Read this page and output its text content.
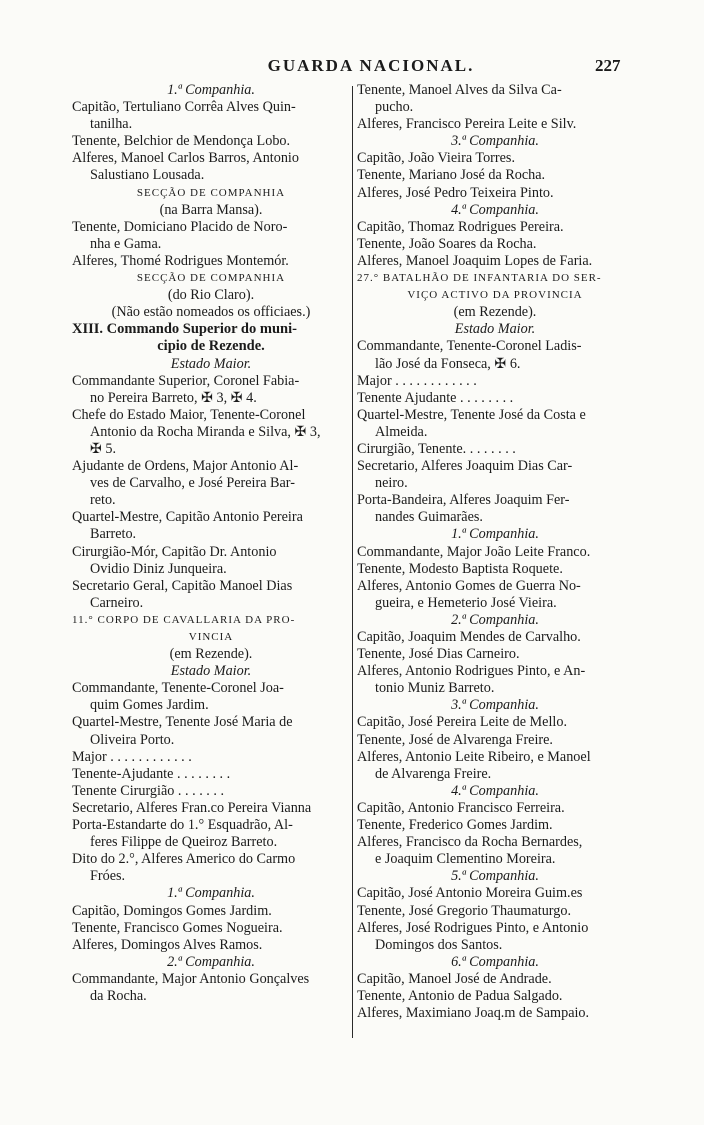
GUARDA NACIONAL.	227
1.ª Companhia.
Capitão, Tertuliano Corrêa Alves Quin-
tanilha.
Tenente, Belchior de Mendonça Lobo.
Alferes, Manoel Carlos Barros, Antonio
Salustiano Lousada.
SECÇÃO DE COMPANHIA
(na Barra Mansa).
Tenente, Domiciano Placido de Noro-
nha e Gama.
Alferes, Thomé Rodrigues Montemór.
SECÇÃO DE COMPANHIA
(do Rio Claro).
(Não estão nomeados os officiaes.)
XIII. Commando Superior do muni-
cipio de Rezende.
Estado Maior.
Commandante Superior, Coronel Fabia-
no Pereira Barreto, ✠ 3, ✠ 4.
Chefe do Estado Maior, Tenente-Coronel
Antonio da Rocha Miranda e Silva, ✠ 3,
✠ 5.
Ajudante de Ordens, Major Antonio Al-
ves de Carvalho, e José Pereira Bar-
reto.
Quartel-Mestre, Capitão Antonio Pereira
Barreto.
Cirurgião-Mór, Capitão Dr. Antonio
Ovidio Diniz Junqueira.
Secretario Geral, Capitão Manoel Dias
Carneiro.
11.° CORPO DE CAVALLARIA DA PRO-
VINCIA
(em Rezende).
Estado Maior.
Commandante, Tenente-Coronel Joa-
quim Gomes Jardim.
Quartel-Mestre, Tenente José Maria de
Oliveira Porto.
Major . . . . . . . . . . . .
Tenente-Ajudante . . . . . . . .
Tenente Cirurgião . . . . . . .
Secretario, Alferes Fran.co Pereira Vianna
Porta-Estandarte do 1.° Esquadrão, Al-
feres Filippe de Queiroz Barreto.
Dito do 2.°, Alferes Americo do Carmo
Fróes.
1.ª Companhia.
Capitão, Domingos Gomes Jardim.
Tenente, Francisco Gomes Nogueira.
Alferes, Domingos Alves Ramos.
2.ª Companhia.
Commandante, Major Antonio Gonçalves
da Rocha.
Tenente, Manoel Alves da Silva Ca-
pucho.
Alferes, Francisco Pereira Leite e Silv.
3.ª Companhia.
Capitão, João Vieira Torres.
Tenente, Mariano José da Rocha.
Alferes, José Pedro Teixeira Pinto.
4.ª Companhia.
Capitão, Thomaz Rodrigues Pereira.
Tenente, João Soares da Rocha.
Alferes, Manoel Joaquim Lopes de Faria.
27.° BATALHÃO DE INFANTARIA DO SER-
VIÇO ACTIVO DA PROVINCIA
(em Rezende).
Estado Maior.
Commandante, Tenente-Coronel Ladis-
lão José da Fonseca, ✠ 6.
Major . . . . . . . . . . . .
Tenente Ajudante . . . . . . . .
Quartel-Mestre, Tenente José da Costa e
Almeida.
Cirurgião, Tenente. . . . . . . .
Secretario, Alferes Joaquim Dias Car-
neiro.
Porta-Bandeira, Alferes Joaquim Fer-
nandes Guimarães.
1.ª Companhia.
Commandante, Major João Leite Franco.
Tenente, Modesto Baptista Roquete.
Alferes, Antonio Gomes de Guerra No-
gueira, e Hemeterio José Vieira.
2.ª Companhia.
Capitão, Joaquim Mendes de Carvalho.
Tenente, José Dias Carneiro.
Alferes, Antonio Rodrigues Pinto, e An-
tonio Muniz Barreto.
3.ª Companhia.
Capitão, José Pereira Leite de Mello.
Tenente, José de Alvarenga Freire.
Alferes, Antonio Leite Ribeiro, e Manoel
de Alvarenga Freire.
4.ª Companhia.
Capitão, Antonio Francisco Ferreira.
Tenente, Frederico Gomes Jardim.
Alferes, Francisco da Rocha Bernardes,
e Joaquim Clementino Moreira.
5.ª Companhia.
Capitão, José Antonio Moreira Guim.es
Tenente, José Gregorio Thaumaturgo.
Alferes, José Rodrigues Pinto, e Antonio
Domingos dos Santos.
6.ª Companhia.
Capitão, Manoel José de Andrade.
Tenente, Antonio de Padua Salgado.
Alferes, Maximiano Joaq.m de Sampaio.
